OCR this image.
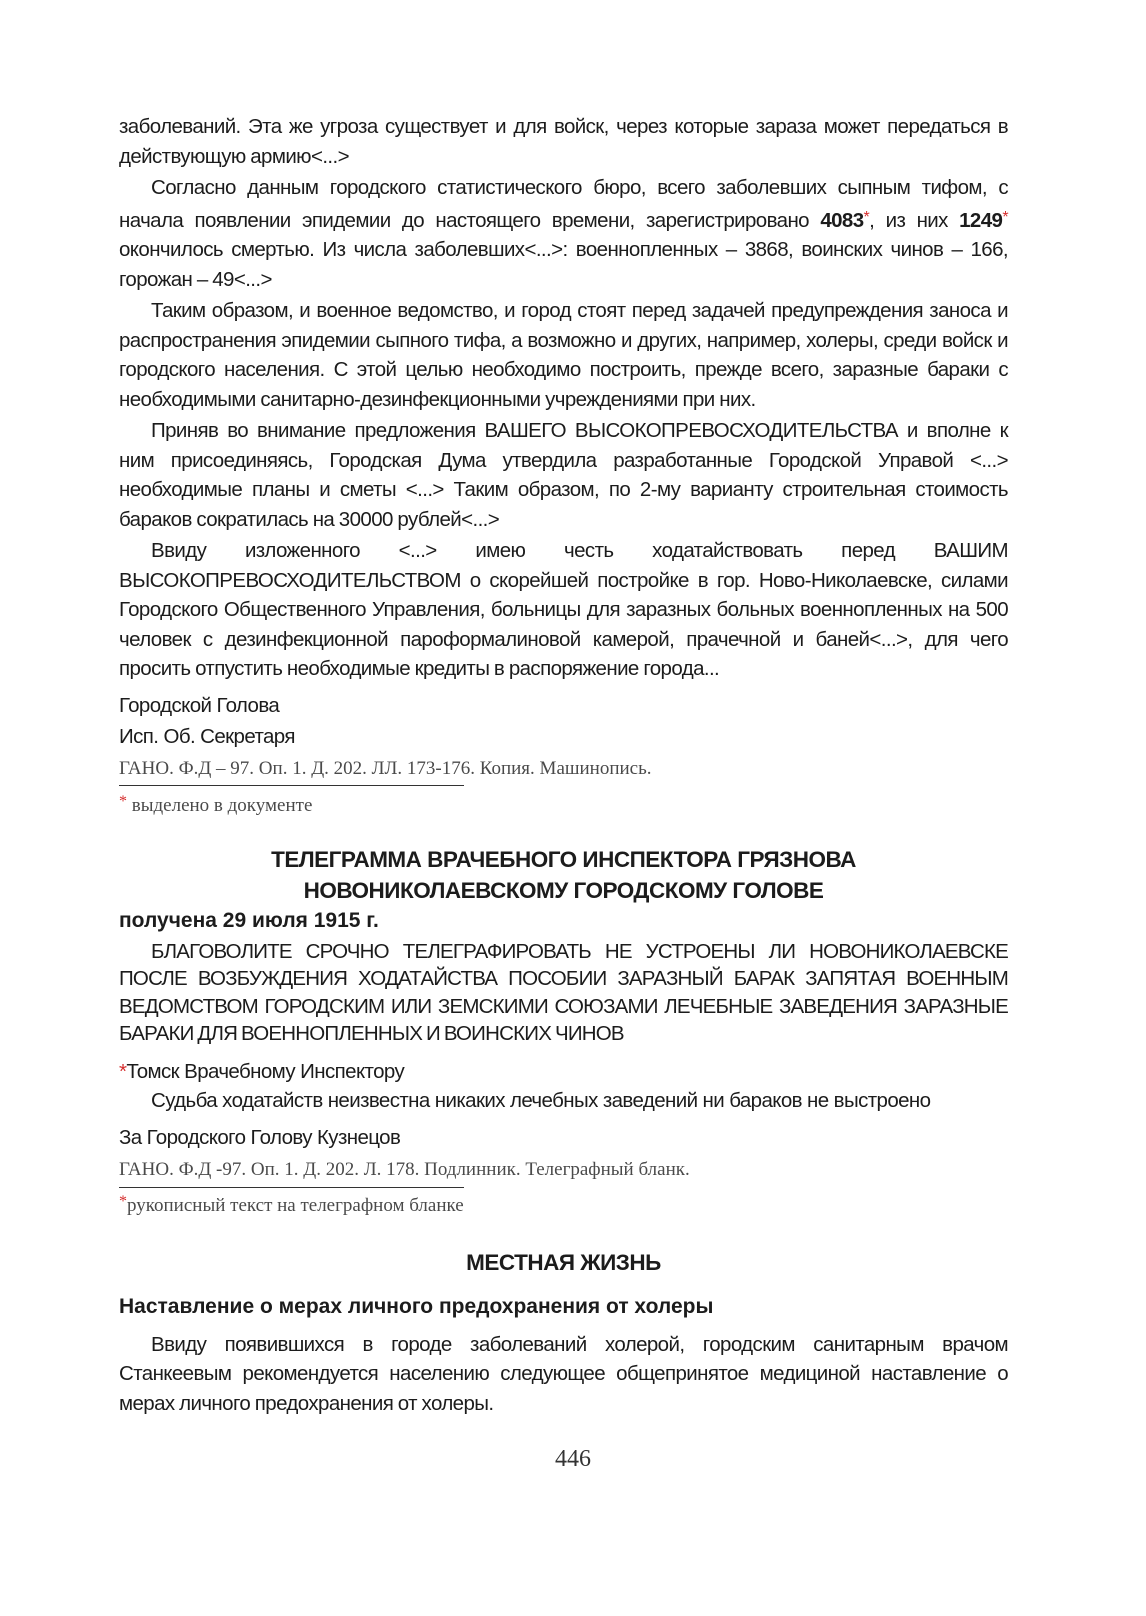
заболеваний. Эта же угроза существует и для войск, через которые зараза может передаться в действующую армию<...>

Согласно данным городского статистического бюро, всего заболевших сыпным тифом, с начала появлении эпидемии до настоящего времени, зарегистрировано 4083*, из них 1249* окончилось смертью. Из числа заболевших<...>: военнопленных – 3868, воинских чинов – 166, горожан – 49<...>

Таким образом, и военное ведомство, и город стоят перед задачей предупреждения заноса и распространения эпидемии сыпного тифа, а возможно и других, например, холеры, среди войск и городского населения. С этой целью необходимо построить, прежде всего, заразные бараки с необходимыми санитарно-дезинфекционными учреждениями при них.

Приняв во внимание предложения ВАШЕГО ВЫСОКОПРЕВОСХОДИТЕЛЬСТВА и вполне к ним присоединяясь, Городская Дума утвердила разработанные Городской Управой <...> необходимые планы и сметы <...> Таким образом, по 2-му варианту строительная стоимость бараков сократилась на 30000 рублей<...>

Ввиду изложенного <...> имею честь ходатайствовать перед ВАШИМ ВЫСОКОПРЕВОСХОДИТЕЛЬСТВОМ о скорейшей постройке в гор. Ново-Николаевске, силами Городского Общественного Управления, больницы для заразных больных военнопленных на 500 человек с дезинфекционной пароформалиновой камерой, прачечной и баней<...>, для чего просить отпустить необходимые кредиты в распоряжение города...

Городской Голова

Исп. Об. Секретаря

ГАНО. Ф.Д – 97. Оп. 1. Д. 202. ЛЛ. 173-176. Копия. Машинопись.

* выделено в документе

ТЕЛЕГРАММА ВРАЧЕБНОГО ИНСПЕКТОРА ГРЯЗНОВА

НОВОНИКОЛАЕВСКОМУ ГОРОДСКОМУ ГОЛОВЕ

получена 29 июля 1915 г.

БЛАГОВОЛИТЕ СРОЧНО ТЕЛЕГРАФИРОВАТЬ НЕ УСТРОЕНЫ ЛИ НОВОНИКОЛАЕВСКЕ ПОСЛЕ ВОЗБУЖДЕНИЯ ХОДАТАЙСТВА ПОСОБИИ ЗАРАЗНЫЙ БАРАК ЗАПЯТАЯ ВОЕННЫМ ВЕДОМСТВОМ ГОРОДСКИМ ИЛИ ЗЕМСКИМИ СОЮЗАМИ ЛЕЧЕБНЫЕ ЗАВЕДЕНИЯ ЗАРАЗНЫЕ БАРАКИ ДЛЯ ВОЕННОПЛЕННЫХ И ВОИНСКИХ ЧИНОВ

*Томск Врачебному Инспектору

Судьба ходатайств неизвестна никаких лечебных заведений ни бараков не выстроено

За Городского Голову Кузнецов

ГАНО. Ф.Д -97. Оп. 1. Д. 202. Л. 178. Подлинник. Телеграфный бланк.

*рукописный текст на телеграфном бланке

МЕСТНАЯ ЖИЗНЬ

Наставление о мерах личного предохранения от холеры

Ввиду появившихся в городе заболеваний холерой, городским санитарным врачом Станкеевым рекомендуется населению следующее общепринятое медициной наставление о мерах личного предохранения от холеры.

446
